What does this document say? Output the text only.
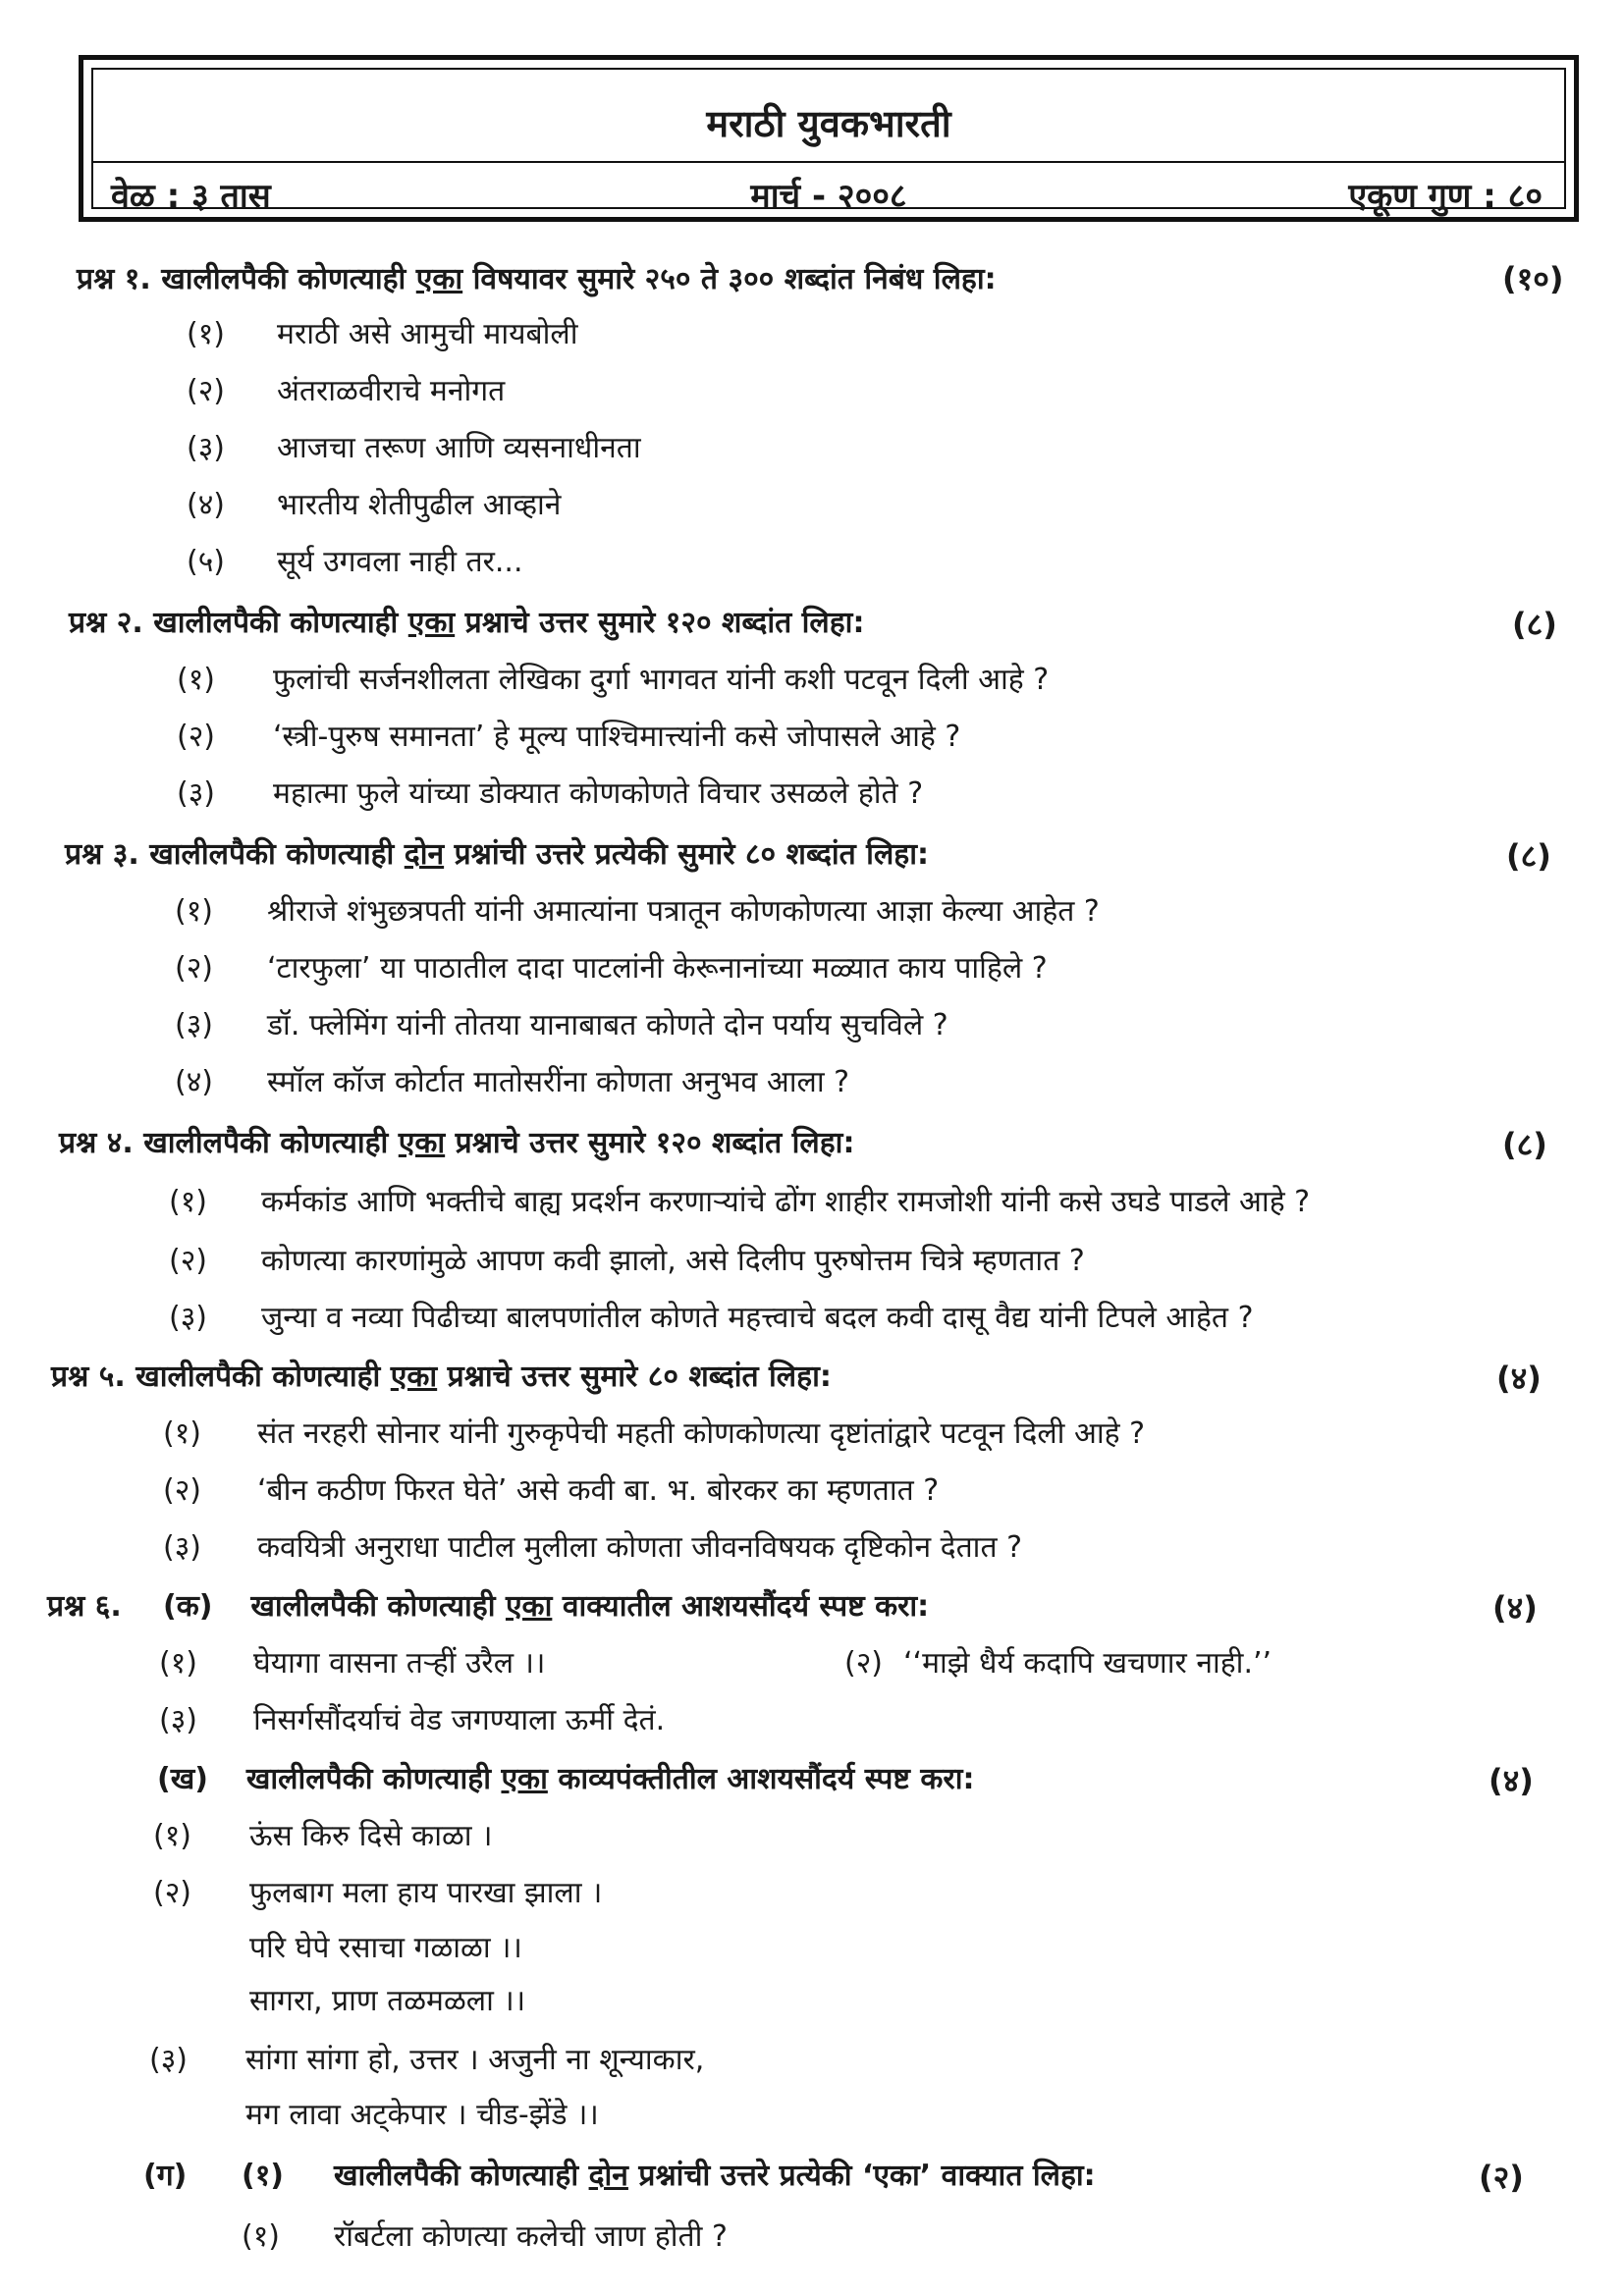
मराठी युवकभारती
वेळ : ३ तास	मार्च - २००८	एकूण गुण : ८०
प्रश्न १. खालीलपैकी कोणत्याही एका विषयावर सुमारे २५० ते ३०० शब्दांत निबंध लिहा:	(१०)
(१) मराठी असे आमुची मायबोली
(२) अंतराळवीराचे मनोगत
(३) आजचा तरूण आणि व्यसनाधीनता
(४) भारतीय शेतीपुढील आव्हाने
(५) सूर्य उगवला नाही तर...
प्रश्न २. खालीलपैकी कोणत्याही एका प्रश्नाचे उत्तर सुमारे १२० शब्दांत लिहा:	(८)
(१) फुलांची सर्जनशीलता लेखिका दुर्गा भागवत यांनी कशी पटवून दिली आहे ?
(२) ‘स्त्री-पुरुष समानता’ हे मूल्य पाश्चिमात्त्यांनी कसे जोपासले आहे ?
(३) महात्मा फुले यांच्या डोक्यात कोणकोणते विचार उसळले होते ?
प्रश्न ३. खालीलपैकी कोणत्याही दोन प्रश्नांची उत्तरे प्रत्येकी सुमारे ८० शब्दांत लिहा:	(८)
(१) श्रीराजे शंभुछत्रपती यांनी अमात्यांना पत्रातून कोणकोणत्या आज्ञा केल्या आहेत ?
(२) ‘टारफुला’ या पाठातील दादा पाटलांनी केरूनानांच्या मळ्यात काय पाहिले ?
(३) डॉ. फ्लेमिंग यांनी तोतया यानाबाबत कोणते दोन पर्याय सुचविले ?
(४) स्मॉल कॉज कोर्टात मातोसरींना कोणता अनुभव आला ?
प्रश्न ४. खालीलपैकी कोणत्याही एका प्रश्नाचे उत्तर सुमारे १२० शब्दांत लिहा:	(८)
(१) कर्मकांड आणि भक्तीचे बाह्य प्रदर्शन करणाऱ्यांचे ढोंग शाहीर रामजोशी यांनी कसे उघडे पाडले आहे ?
(२) कोणत्या कारणांमुळे आपण कवी झालो, असे दिलीप पुरुषोत्तम चित्रे म्हणतात ?
(३) जुन्या व नव्या पिढीच्या बालपणांतील कोणते महत्त्वाचे बदल कवी दासू वैद्य यांनी टिपले आहेत ?
प्रश्न ५. खालीलपैकी कोणत्याही एका प्रश्नाचे उत्तर सुमारे ८० शब्दांत लिहा:	(४)
(१) संत नरहरी सोनार यांनी गुरुकृपेची महती कोणकोणत्या दृष्टांतांद्वारे पटवून दिली आहे ?
(२) ‘बीन कठीण फिरत घेते’ असे कवी बा. भ. बोरकर का म्हणतात ?
(३) कवयित्री अनुराधा पाटील मुलीला कोणता जीवनविषयक दृष्टिकोन देतात ?
प्रश्न ६. (क) खालीलपैकी कोणत्याही एका वाक्यातील आशयसौंदर्य स्पष्ट करा:	(४)
(१) घेयागा वासना तऱ्हीं उरैल ।।	(२) ‘‘माझे धैर्य कदापि खचणार नाही.’’
(३) निसर्गसौंदर्याचं वेड जगण्याला ऊर्मी देतं.
(ख) खालीलपैकी कोणत्याही एका काव्यपंक्तीतील आशयसौंदर्य स्पष्ट करा:	(४)
(१) ऊंस किरु दिसे काळा ।
(२) फुलबाग मला हाय पारखा झाला ।
परि घेपे रसाचा गळाळा ।।
सागरा, प्राण तळमळला ।।
(३) सांगा सांगा हो, उत्तर । अजुनी ना शून्याकार,
मग लावा अट्केपार । चीड-झेंडे ।।
(ग) (१) खालीलपैकी कोणत्याही दोन प्रश्नांची उत्तरे प्रत्येकी ‘एका’ वाक्यात लिहा:	(२)
(१) रॉबर्टला कोणत्या कलेची जाण होती ?
